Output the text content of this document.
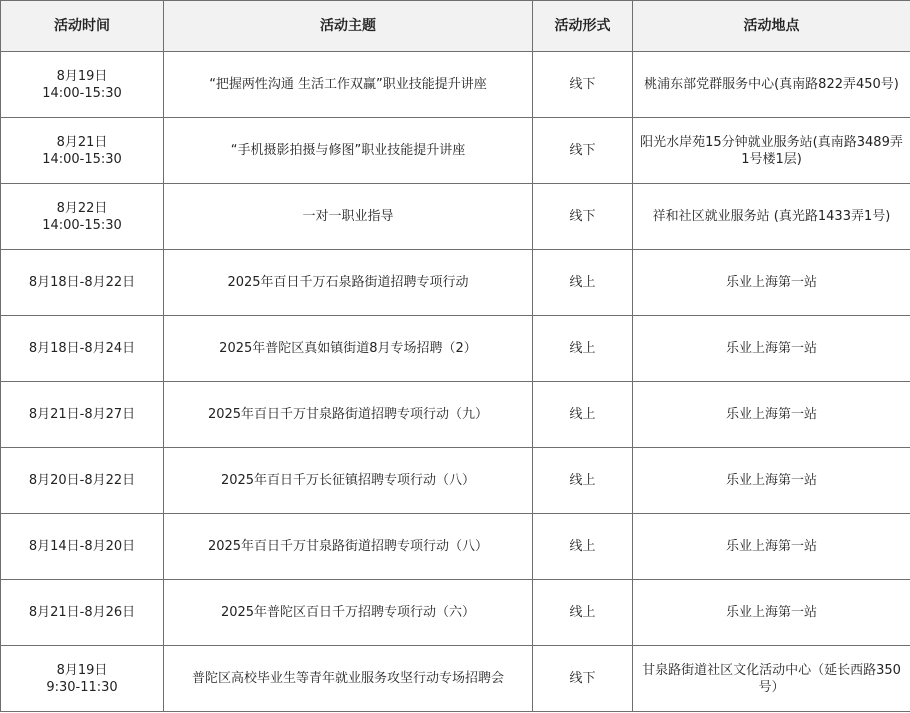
活动时间	活动主题	活动形式	活动地点

8月19日
14:00-15:30	“把握两性沟通 生活工作双赢”职业技能提升讲座	线下	桃浦东部党群服务中心(真南路822弄450号)

8月21日
14:00-15:30	“手机摄影拍摄与修图”职业技能提升讲座	线下	阳光水岸苑15分钟就业服务站(真南路3489弄1号楼1层)

8月22日
14:00-15:30	一对一职业指导	线下	祥和社区就业服务站 (真光路1433弄1号)
8月18日-8月22日	2025年百日千万石泉路街道招聘专项行动	线上	乐业上海第一站
8月18日-8月24日	2025年普陀区真如镇街道8月专场招聘（2）	线上	乐业上海第一站
8月21日-8月27日	2025年百日千万甘泉路街道招聘专项行动（九）	线上	乐业上海第一站
8月20日-8月22日	2025年百日千万长征镇招聘专项行动（八）	线上	乐业上海第一站
8月14日-8月20日	2025年百日千万甘泉路街道招聘专项行动（八）	线上	乐业上海第一站
8月21日-8月26日	2025年普陀区百日千万招聘专项行动（六）	线上	乐业上海第一站

8月19日
9:30-11:30	普陀区高校毕业生等青年就业服务攻坚行动专场招聘会	线下	甘泉路街道社区文化活动中心（延长西路350号）
